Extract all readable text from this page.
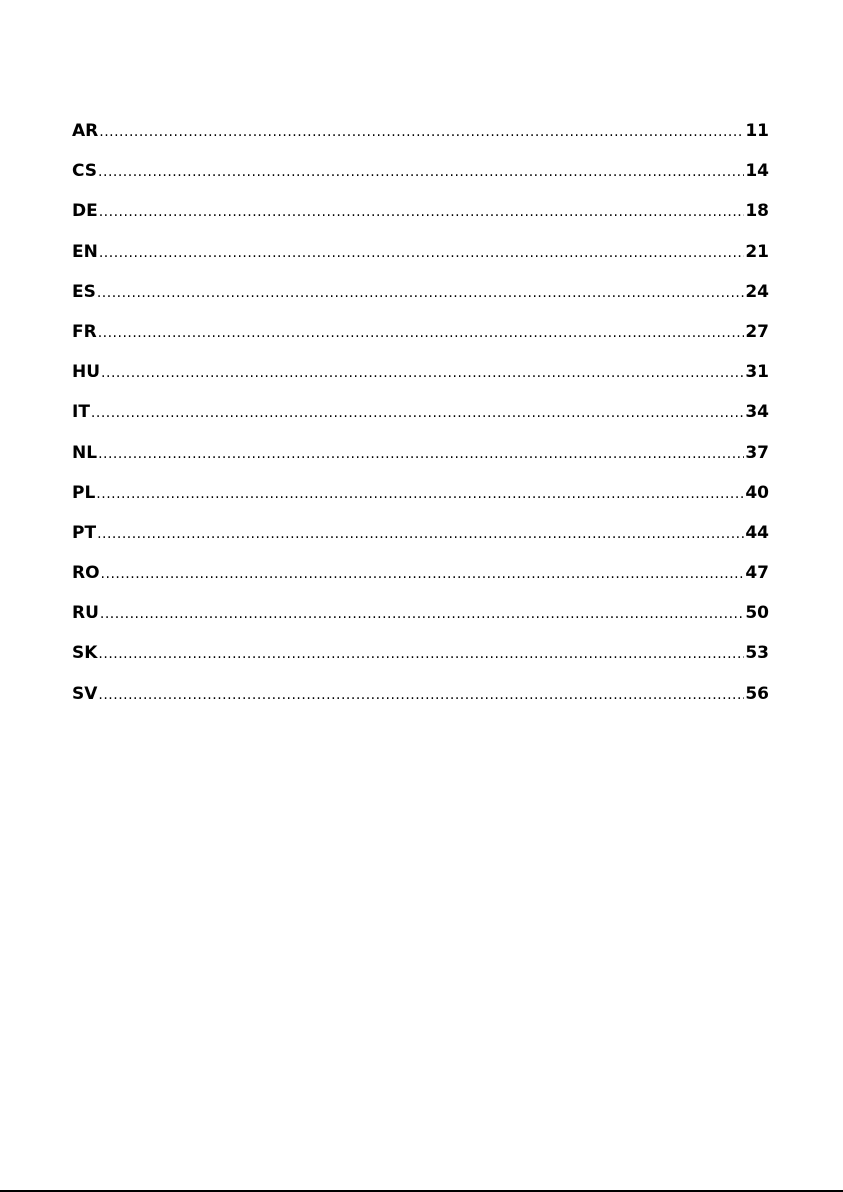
AR .....	11
CS .....	14
DE .....	18
EN .....	21
ES .....	24
FR .....	27
HU .....	31
IT .....	34
NL .....	37
PL .....	40
PT .....	44
RO .....	47
RU .....	50
SK .....	53
SV .....	56
